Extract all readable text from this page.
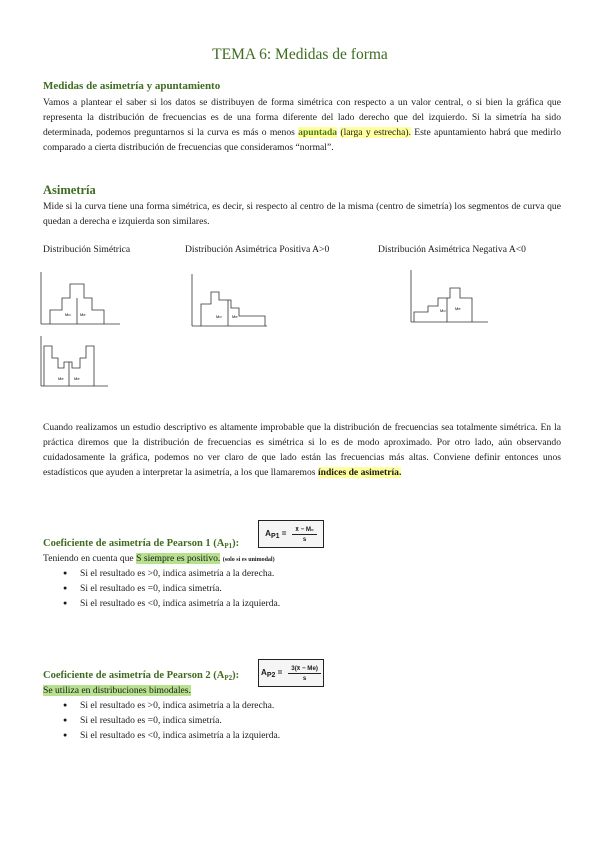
TEMA 6: Medidas de forma
Medidas de asimetría y apuntamiento
Vamos a plantear el saber si los datos se distribuyen de forma simétrica con respecto a un valor central, o si bien la gráfica que representa la distribución de frecuencias es de una forma diferente del lado derecho que del izquierdo. Si la simetría ha sido determinada, podemos preguntarnos si la curva es más o menos apuntada (larga y estrecha). Este apuntamiento habrá que medirlo comparado a cierta distribución de frecuencias que consideramos “normal”.
Asimetría
Mide si la curva tiene una forma simétrica, es decir, si respecto al centro de la misma (centro de simetría) los segmentos de curva que quedan a derecha e izquierda son similares.
Distribución Simétrica	Distribución Asimétrica Positiva A>0	Distribución Asimétrica Negativa A<0
Mo Me	Mo	Me
Mo Me
Me	Me
Cuando realizamos un estudio descriptivo es altamente improbable que la distribución de frecuencias sea totalmente simétrica. En la práctica diremos que la distribución de frecuencias es simétrica si lo es de modo aproximado. Por otro lado, aún observando cuidadosamente la gráfica, podemos no ver claro de que lado están las frecuencias más altas. Conviene definir entonces unos estadísticos que ayuden a interpretar la asimetría, a los que llamaremos índices de asimetría.
Coeficiente de asimetría de Pearson 1 $(A_{P1})$:
$AP1 = \frac{\text{x̄ − M₀}}{s}$
Teniendo en cuenta que S siempre es positivo. (solo si es unimodal)
● Si el resultado es >0, indica asimetría a la derecha.
● Si el resultado es =0, indica simetría.
● Si el resultado es <0, indica asimetría a la izquierda.
Coeficiente de asimetría de Pearson 2 $(A_{P2})$:	$AP2 = \frac{3(x̄ - Me)}{s}$
Se utiliza en distribuciones bimodales.
● Si el resultado es >0, indica asimetría a la derecha.
● Si el resultado es =0, indica simetría.
● Si el resultado es <0, indica asimetría a la izquierda.
